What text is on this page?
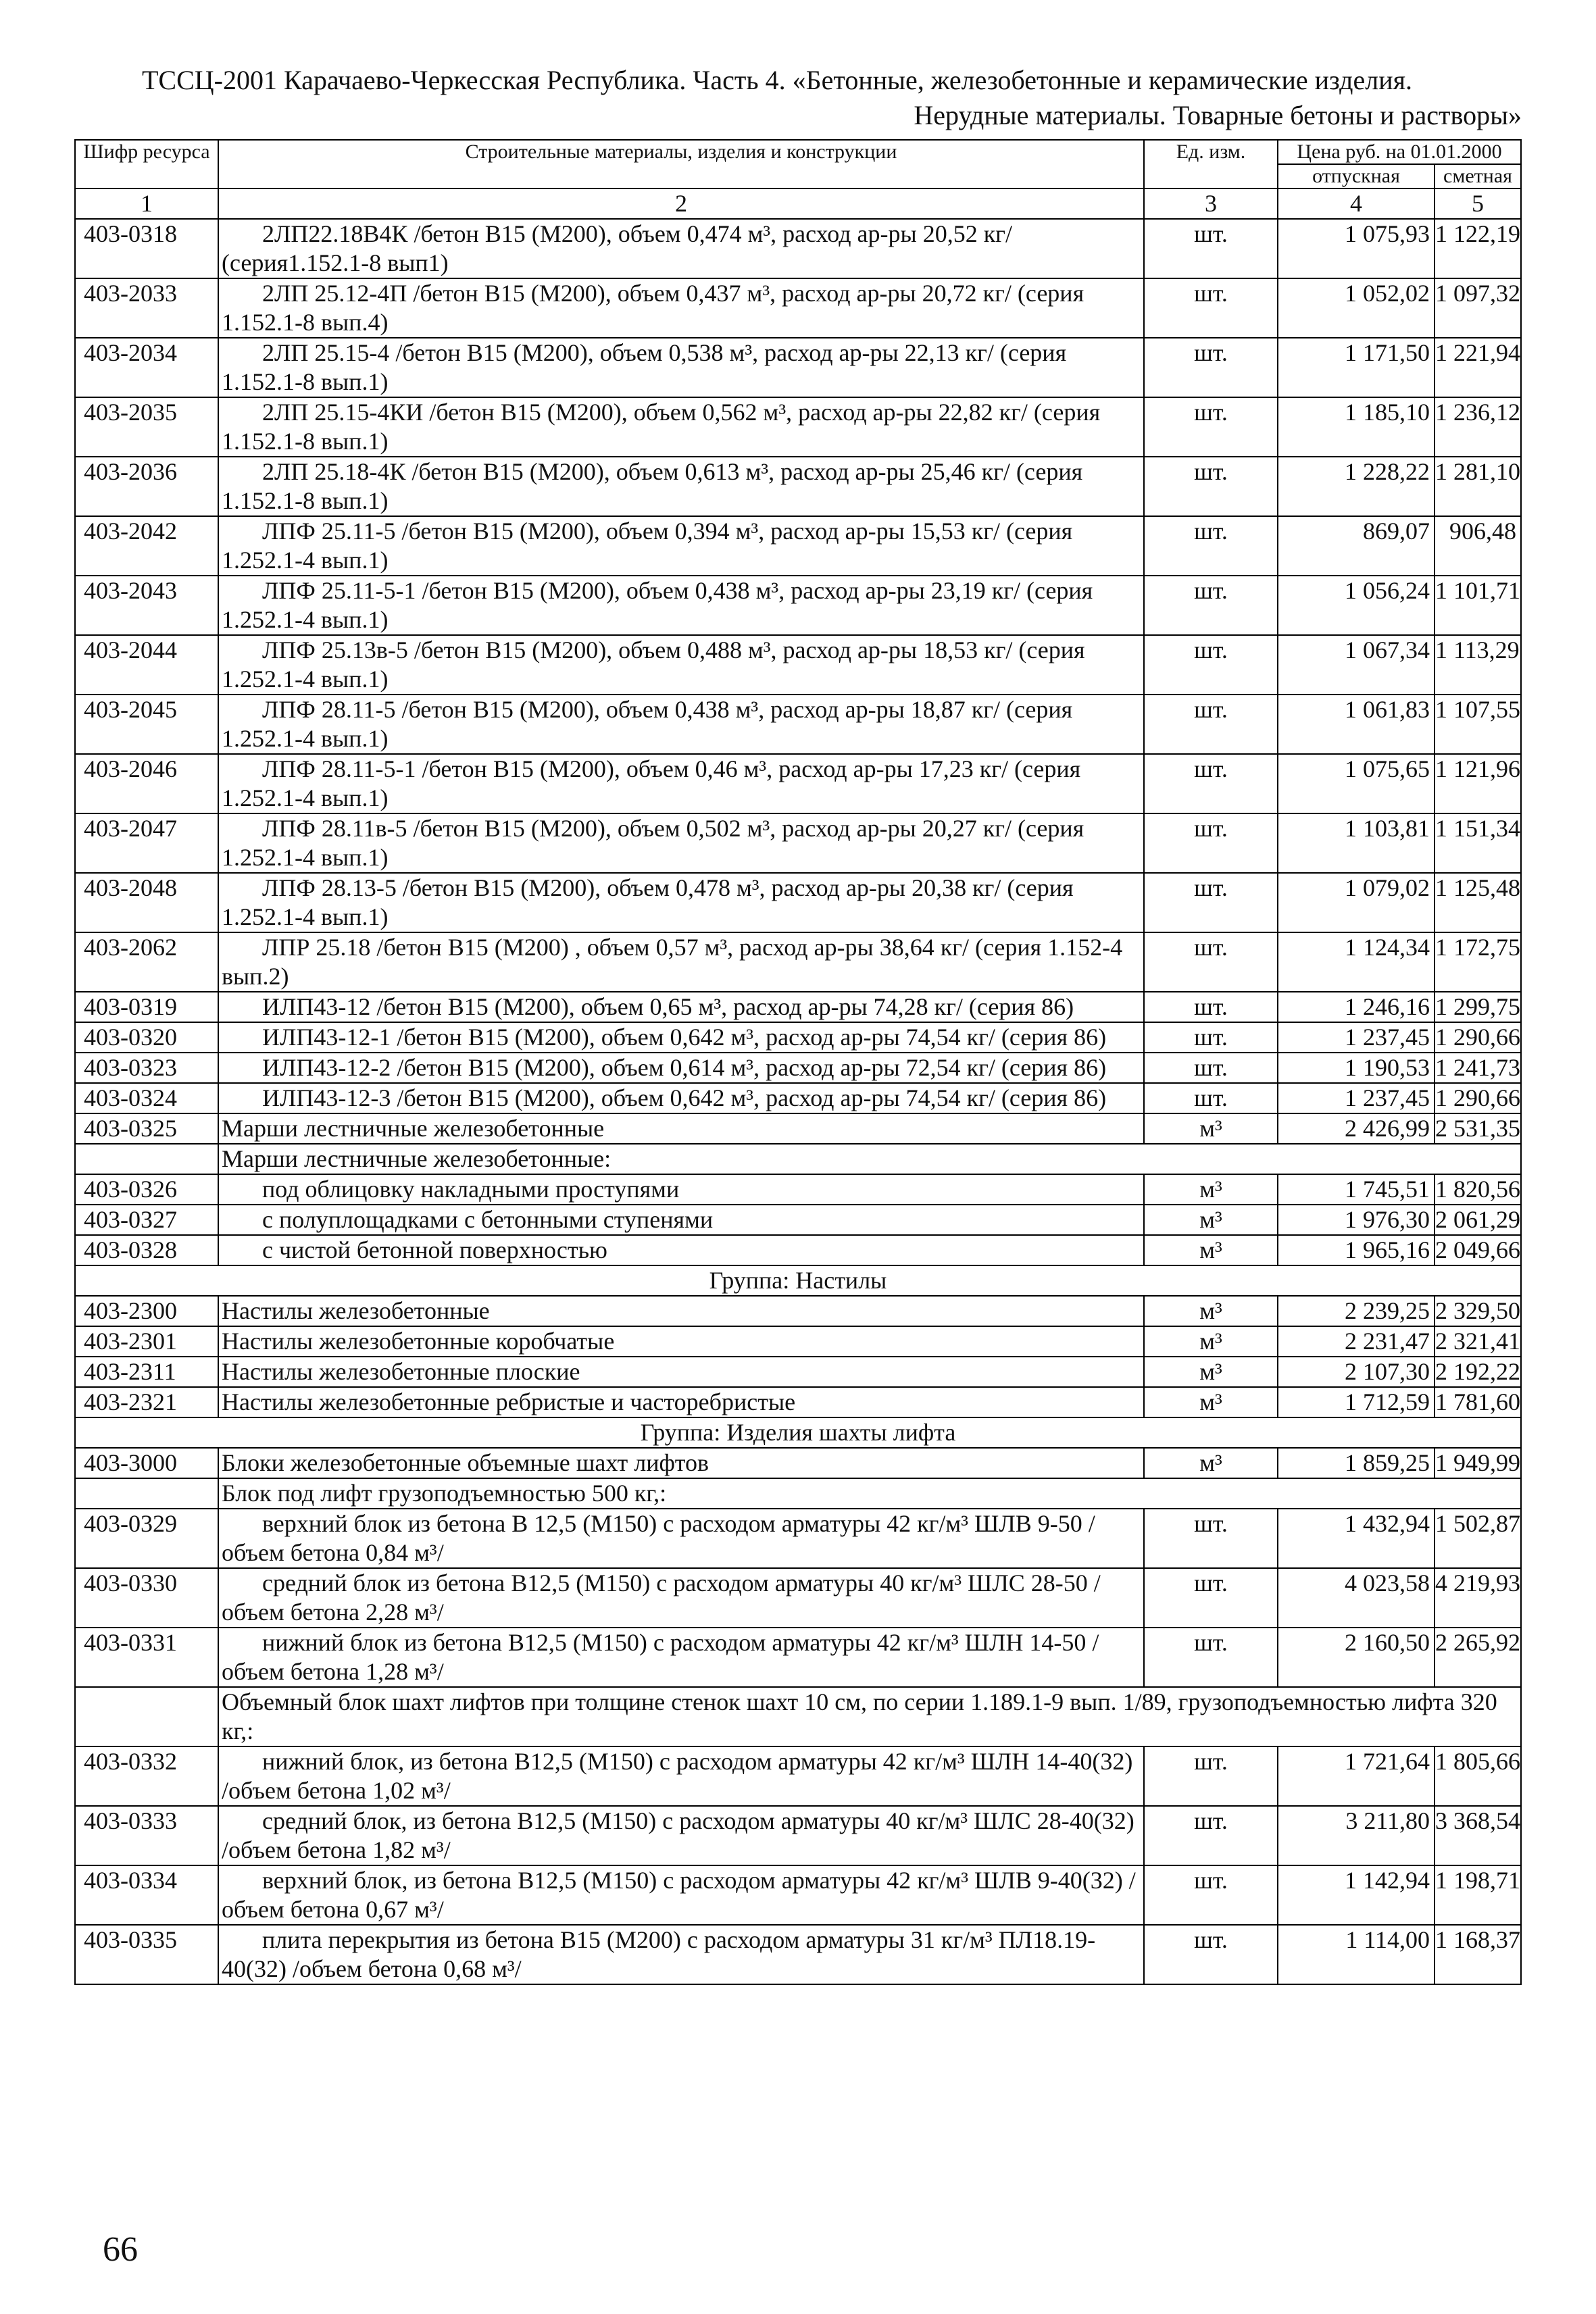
ТССЦ-2001 Карачаево-Черкесская Республика. Часть 4. «Бетонные, железобетонные и керамические изделия.
Нерудные материалы. Товарные бетоны и растворы»
Шифр ресурса	Строительные материалы, изделия и конструкции	Ед. изм.	Цена руб. на 01.01.2000	
			отпускная	сметная
1	2	3	4	5
403-0318	2ЛП22.18В4К /бетон В15 (М200), объем 0,474 м³, расход ар-ры 20,52 кг/ (серия1.152.1-8 вып1)	шт.	1 075,93	1 122,19
403-2033	2ЛП 25.12-4П /бетон В15 (М200), объем 0,437 м³, расход ар-ры 20,72 кг/ (серия 1.152.1-8 вып.4)	шт.	1 052,02	1 097,32
403-2034	2ЛП 25.15-4 /бетон В15 (М200), объем 0,538 м³, расход ар-ры 22,13 кг/ (серия 1.152.1-8 вып.1)	шт.	1 171,50	1 221,94
403-2035	2ЛП 25.15-4КИ /бетон В15 (М200), объем 0,562 м³, расход ар-ры 22,82 кг/ (серия 1.152.1-8 вып.1)	шт.	1 185,10	1 236,12
403-2036	2ЛП 25.18-4К /бетон В15 (М200), объем 0,613 м³, расход ар-ры 25,46 кг/ (серия 1.152.1-8 вып.1)	шт.	1 228,22	1 281,10
403-2042	ЛПФ 25.11-5 /бетон В15 (М200), объем 0,394 м³, расход ар-ры 15,53 кг/ (серия 1.252.1-4 вып.1)	шт.	869,07	906,48
403-2043	ЛПФ 25.11-5-1 /бетон В15 (М200), объем 0,438 м³, расход ар-ры 23,19 кг/ (серия 1.252.1-4 вып.1)	шт.	1 056,24	1 101,71
403-2044	ЛПФ 25.13в-5 /бетон В15 (М200), объем 0,488 м³, расход ар-ры 18,53 кг/ (серия 1.252.1-4 вып.1)	шт.	1 067,34	1 113,29
403-2045	ЛПФ 28.11-5 /бетон В15 (М200), объем 0,438 м³, расход ар-ры 18,87 кг/ (серия 1.252.1-4 вып.1)	шт.	1 061,83	1 107,55
403-2046	ЛПФ 28.11-5-1 /бетон В15 (М200), объем 0,46 м³, расход ар-ры 17,23 кг/ (серия 1.252.1-4 вып.1)	шт.	1 075,65	1 121,96
403-2047	ЛПФ 28.11в-5 /бетон В15 (М200), объем 0,502 м³, расход ар-ры 20,27 кг/ (серия 1.252.1-4 вып.1)	шт.	1 103,81	1 151,34
403-2048	ЛПФ 28.13-5 /бетон В15 (М200), объем 0,478 м³, расход ар-ры 20,38 кг/ (серия 1.252.1-4 вып.1)	шт.	1 079,02	1 125,48
403-2062	ЛПР 25.18 /бетон В15 (М200) , объем 0,57 м³, расход ар-ры 38,64 кг/ (серия 1.152-4 вып.2)	шт.	1 124,34	1 172,75
403-0319	ИЛП43-12 /бетон В15 (М200), объем 0,65 м³, расход ар-ры 74,28 кг/ (серия 86)	шт.	1 246,16	1 299,75
403-0320	ИЛП43-12-1 /бетон В15 (М200), объем 0,642 м³, расход ар-ры 74,54 кг/ (серия 86)	шт.	1 237,45	1 290,66
403-0323	ИЛП43-12-2 /бетон В15 (М200), объем 0,614 м³, расход ар-ры 72,54 кг/ (серия 86)	шт.	1 190,53	1 241,73
403-0324	ИЛП43-12-3 /бетон В15 (М200), объем 0,642 м³, расход ар-ры 74,54 кг/ (серия 86)	шт.	1 237,45	1 290,66
403-0325	Марши лестничные железобетонные	м³	2 426,99	2 531,35
	Марши лестничные железобетонные:			
403-0326	под облицовку накладными проступями	м³	1 745,51	1 820,56
403-0327	с полуплощадками с бетонными ступенями	м³	1 976,30	2 061,29
403-0328	с чистой бетонной поверхностью	м³	1 965,16	2 049,66
Группа: Настилы				
403-2300	Настилы железобетонные	м³	2 239,25	2 329,50
403-2301	Настилы железобетонные коробчатые	м³	2 231,47	2 321,41
403-2311	Настилы железобетонные плоские	м³	2 107,30	2 192,22
403-2321	Настилы железобетонные ребристые и часторебристые	м³	1 712,59	1 781,60
Группа: Изделия шахты лифта				
403-3000	Блоки железобетонные объемные шахт лифтов	м³	1 859,25	1 949,99
	Блок под лифт грузоподъемностью 500 кг,:			
403-0329	верхний блок из бетона В 12,5 (М150) с расходом арматуры 42 кг/м³ ШЛВ 9-50 /объем бетона 0,84 м³/	шт.	1 432,94	1 502,87
403-0330	средний блок из бетона В12,5 (М150) с расходом арматуры 40 кг/м³ ШЛС 28-50 /объем бетона 2,28 м³/	шт.	4 023,58	4 219,93
403-0331	нижний блок из бетона В12,5 (М150) с расходом арматуры 42 кг/м³ ШЛН 14-50 /объем бетона 1,28 м³/	шт.	2 160,50	2 265,92
	Объемный блок шахт лифтов при толщине стенок шахт 10 см, по серии 1.189.1-9 вып. 1/89, грузоподъемностью лифта 320 кг,:			
403-0332	нижний блок, из бетона В12,5 (М150) с расходом арматуры 42 кг/м³ ШЛН 14-40(32) /объем бетона 1,02 м³/	шт.	1 721,64	1 805,66
403-0333	средний блок, из бетона В12,5 (М150) с расходом арматуры 40 кг/м³ ШЛС 28-40(32) /объем бетона 1,82 м³/	шт.	3 211,80	3 368,54
403-0334	верхний блок, из бетона В12,5 (М150) с расходом арматуры 42 кг/м³ ШЛВ 9-40(32) /объем бетона 0,67 м³/	шт.	1 142,94	1 198,71
403-0335	плита перекрытия из бетона В15 (М200) с расходом арматуры 31 кг/м³ ПЛ18.19-40(32) /объем бетона 0,68 м³/	шт.	1 114,00	1 168,37
66
